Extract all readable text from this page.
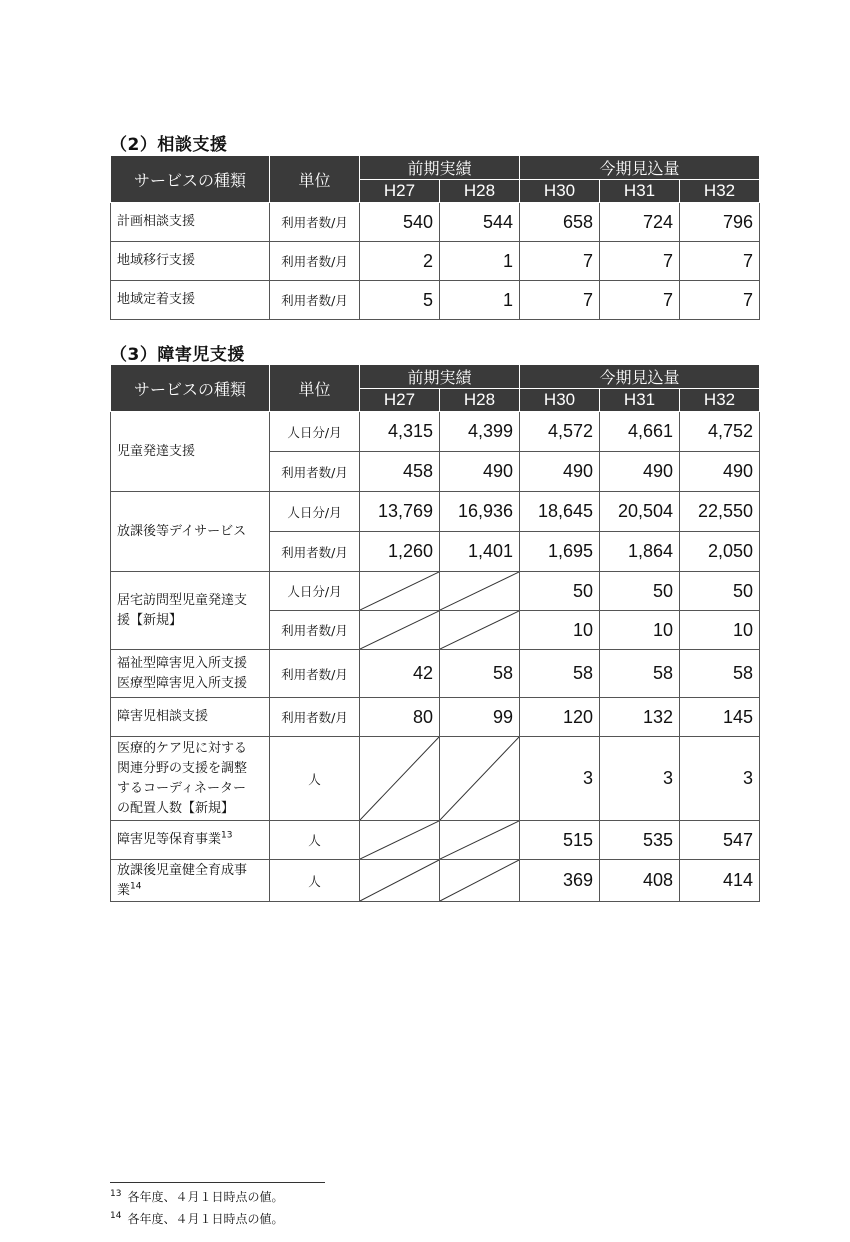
（2）相談支援
サービスの種類	単位	前期実績		今期見込量		
		H27	H28	H30	H31	H32
計画相談支援	利用者数/月	540	544	658	724	796
地域移行支援	利用者数/月	2	1	7	7	7
地域定着支援	利用者数/月	5	1	7	7	7
（3）障害児支援
サービスの種類	単位	前期実績		今期見込量		
		H27	H28	H30	H31	H32
児童発達支援	人日分/月	4,315	4,399	4,572	4,661	4,752
	利用者数/月	458	490	490	490	490
放課後等デイサービス	人日分/月	13,769	16,936	18,645	20,504	22,550
	利用者数/月	1,260	1,401	1,695	1,864	2,050

居宅訪問型児童発達支
援【新規】	人日分/月			50	50	50
	利用者数/月			10	10	10

福祉型障害児入所支援
医療型障害児入所支援	利用者数/月	42	58	58	58	58
障害児相談支援	利用者数/月	80	99	120	132	145

医療的ケア児に対する
関連分野の支援を調整
するコーディネーター
の配置人数【新規】	人			3	3	3
障害児等保育事業$^{13}$	人			515	535	547

放課後児童健全育成事
業$^{14}$	人			369	408	414
$^{13}$ 各年度、４月１日時点の値。
$^{14}$ 各年度、４月１日時点の値。
